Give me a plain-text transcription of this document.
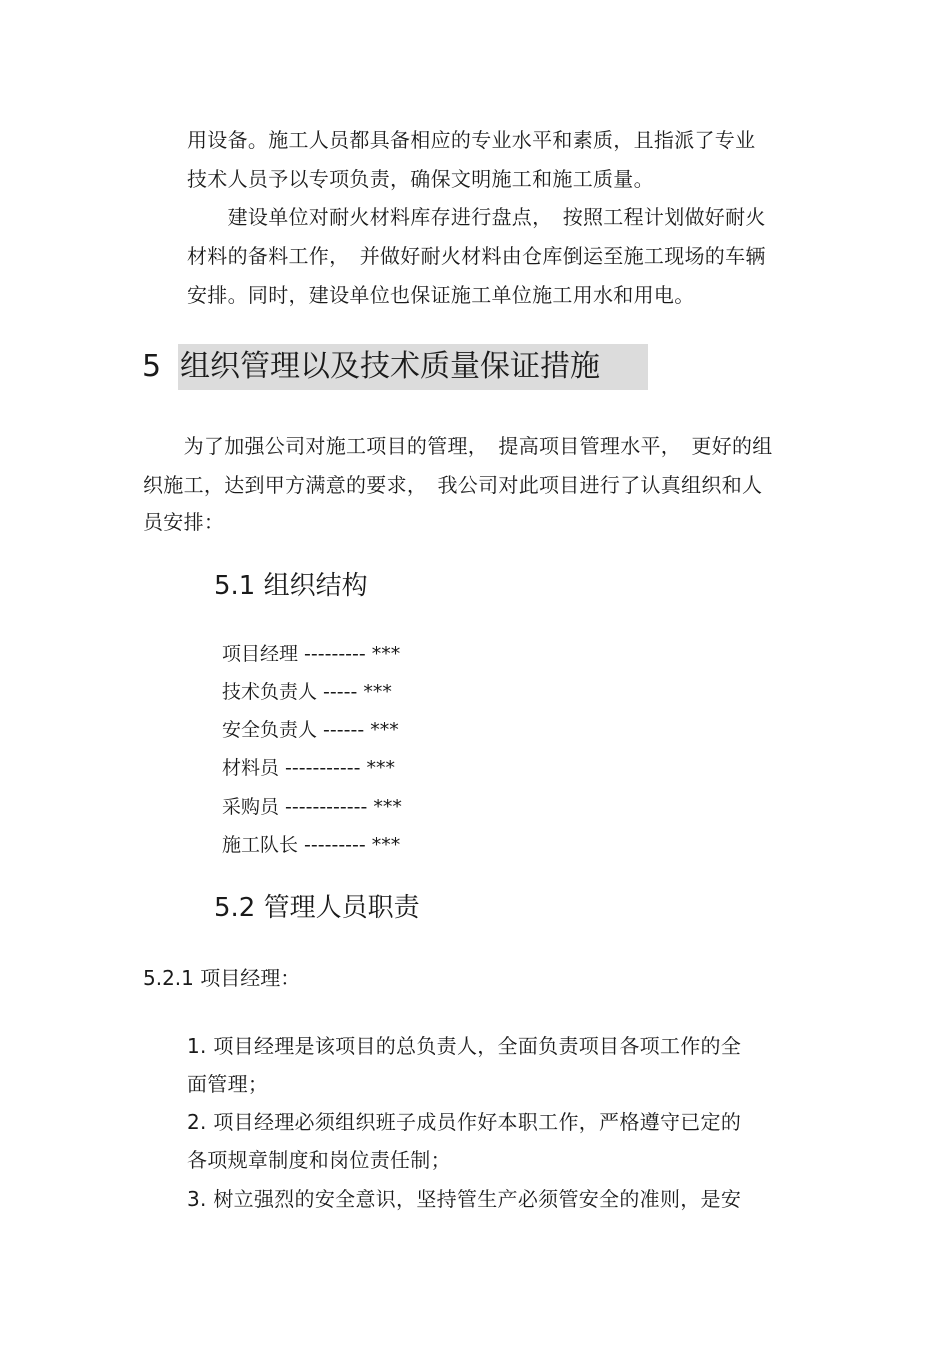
用设备。施工人员都具备相应的专业水平和素质，且指派了专业
技术人员予以专项负责，确保文明施工和施工质量。
　　建设单位对耐火材料库存进行盘点，　按照工程计划做好耐火
材料的备料工作，　并做好耐火材料由仓库倒运至施工现场的车辆
安排。同时，建设单位也保证施工单位施工用水和用电。
5 组织管理以及技术质量保证措施
　　为了加强公司对施工项目的管理，　提高项目管理水平，　更好的组
织施工，达到甲方满意的要求，　我公司对此项目进行了认真组织和人
员安排：
5.1 组织结构
项目经理 --------- ***
技术负责人 ----- ***
安全负责人 ------ ***
材料员 ----------- ***
采购员 ------------ ***
施工队长 --------- ***
5.2 管理人员职责
5.2.1 项目经理：
1. 项目经理是该项目的总负责人，全面负责项目各项工作的全
面管理；
2. 项目经理必须组织班子成员作好本职工作，严格遵守已定的
各项规章制度和岗位责任制；
3. 树立强烈的安全意识，坚持管生产必须管安全的准则，是安
